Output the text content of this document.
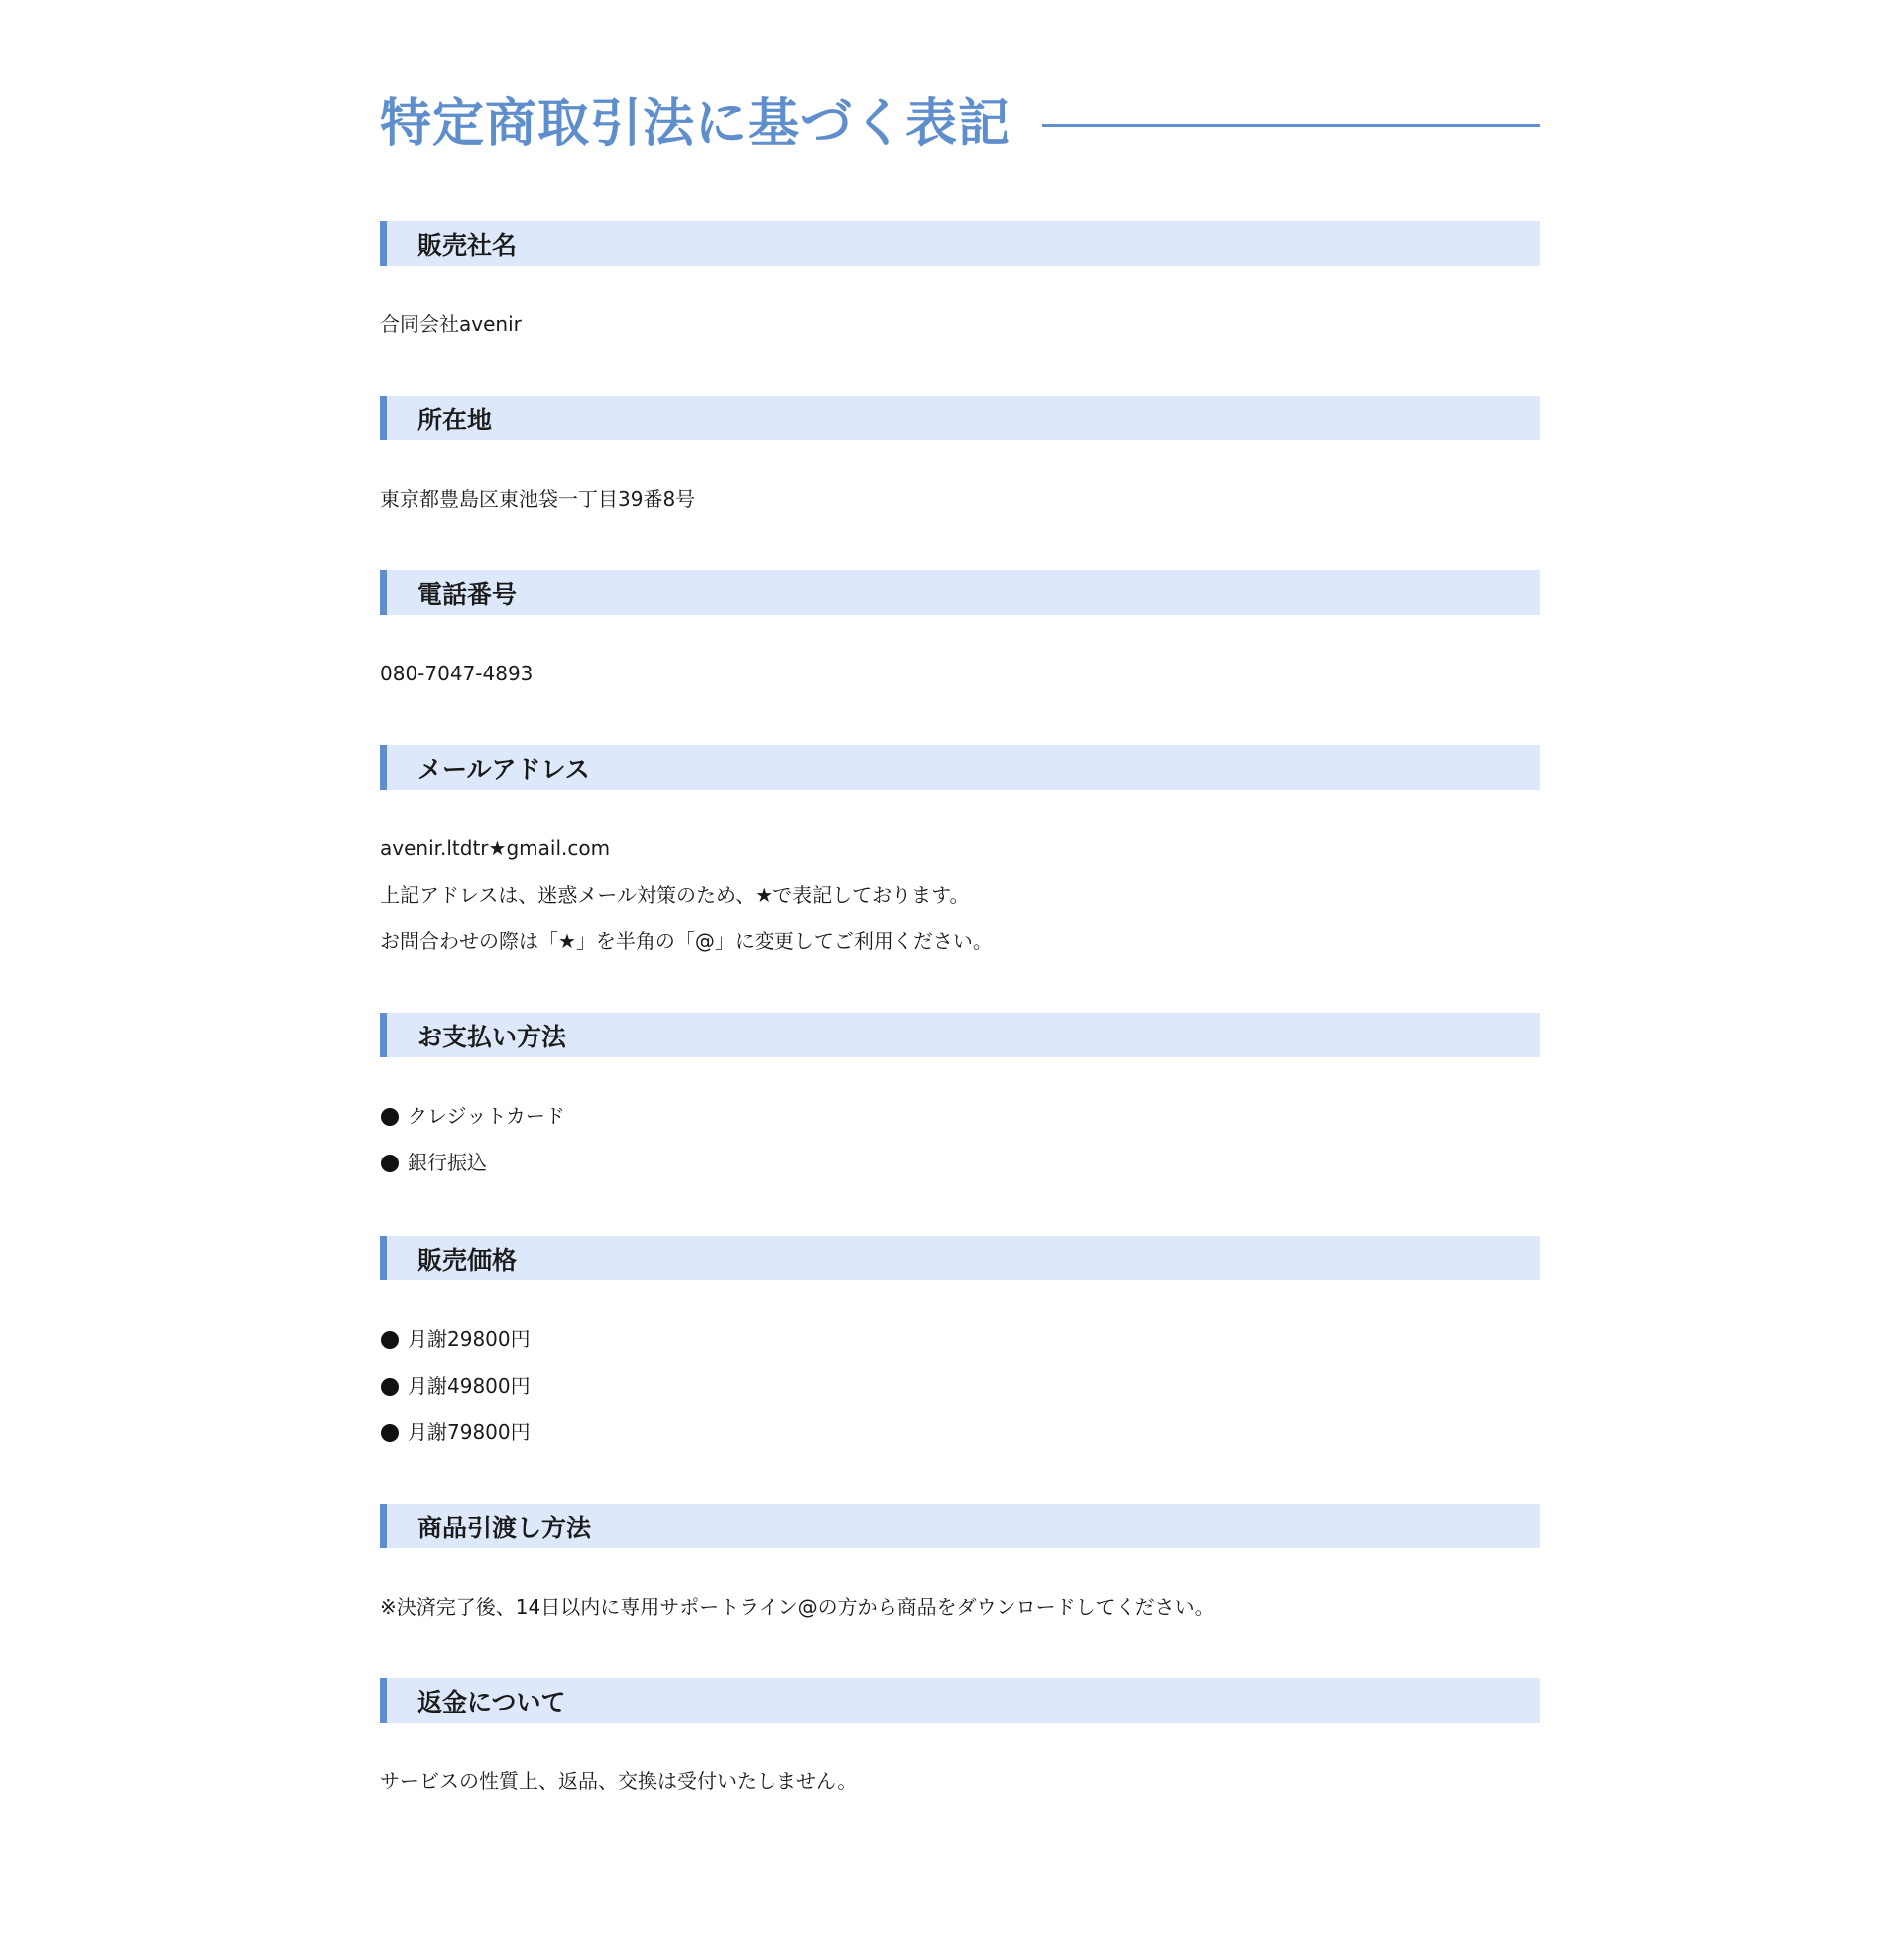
特定商取引法に基づく表記
販売社名
合同会社avenir
所在地
東京都豊島区東池袋一丁目39番8号
電話番号
080-7047-4893
メールアドレス
avenir.ltdtr★gmail.com
上記アドレスは、迷惑メール対策のため、★で表記しております。
お問合わせの際は「★」を半角の「@」に変更してご利用ください。
お支払い方法
クレジットカード
銀行振込
販売価格
月謝29800円
月謝49800円
月謝79800円
商品引渡し方法
※決済完了後、14日以内に専用サポートライン@の方から商品をダウンロードしてください。
返金について
サービスの性質上、返品、交換は受付いたしません。
